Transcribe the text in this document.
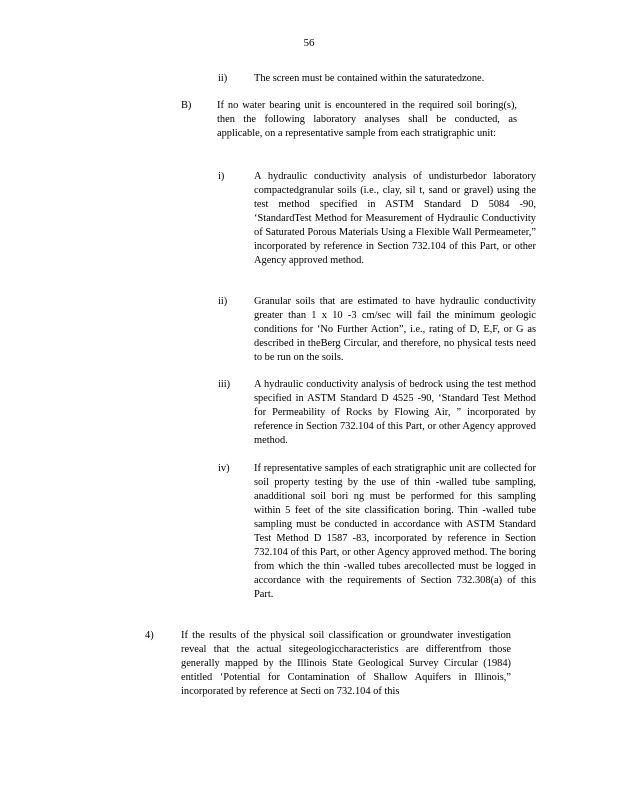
56
ii)	The screen must be contained within the saturatedzone.
B) If no water bearing unit is encountered in the required soil boring(s), then the following laboratory analyses shall be conducted, as applicable, on a representative sample from each stratigraphic unit:
i)	A hydraulic conductivity analysis of undisturbedor laboratory compactedgranular soils (i.e., clay, sil t, sand or gravel) using the test method specified in ASTM Standard D 5084 -90, ‘StandardTest Method for Measurement of Hydraulic Conductivity of Saturated Porous Materials Using a Flexible Wall Permeameter,” incorporated by reference in Section 732.104 of this Part, or other Agency approved method.
ii)	Granular soils that are estimated to have hydraulic conductivity greater than 1 x 10 -3 cm/sec will fail the minimum geologic conditions for ‘No Further Action”, i.e., rating of D, E,F, or G as described in theBerg Circular, and therefore, no physical tests need to be run on the soils.
iii) A hydraulic conductivity analysis of bedrock using the test method specified in ASTM Standard D 4525 -90, ‘Standard Test Method for Permeability of Rocks by Flowing Air, ” incorporated by reference in Section 732.104 of this Part, or other Agency approved method.
iv) If representative samples of each stratigraphic unit are collected for soil property testing by the use of thin -walled tube sampling, anadditional soil bori ng must be performed for this sampling within 5 feet of the site classification boring. Thin -walled tube sampling must be conducted in accordance with ASTM Standard Test Method D 1587 -83, incorporated by reference in Section 732.104 of this Part, or other Agency approved method. The boring from which the thin -walled tubes arecollected must be logged in accordance with the requirements of Section 732.308(a) of this Part.
4)	If the results of the physical soil classification or groundwater investigation reveal that the actual sitegeologiccharacteristics are differentfrom those generally mapped by the Illinois State Geological Survey Circular (1984) entitled ‘Potential for Contamination of Shallow Aquifers in Illinois,” incorporated by reference at Secti on 732.104 of this
